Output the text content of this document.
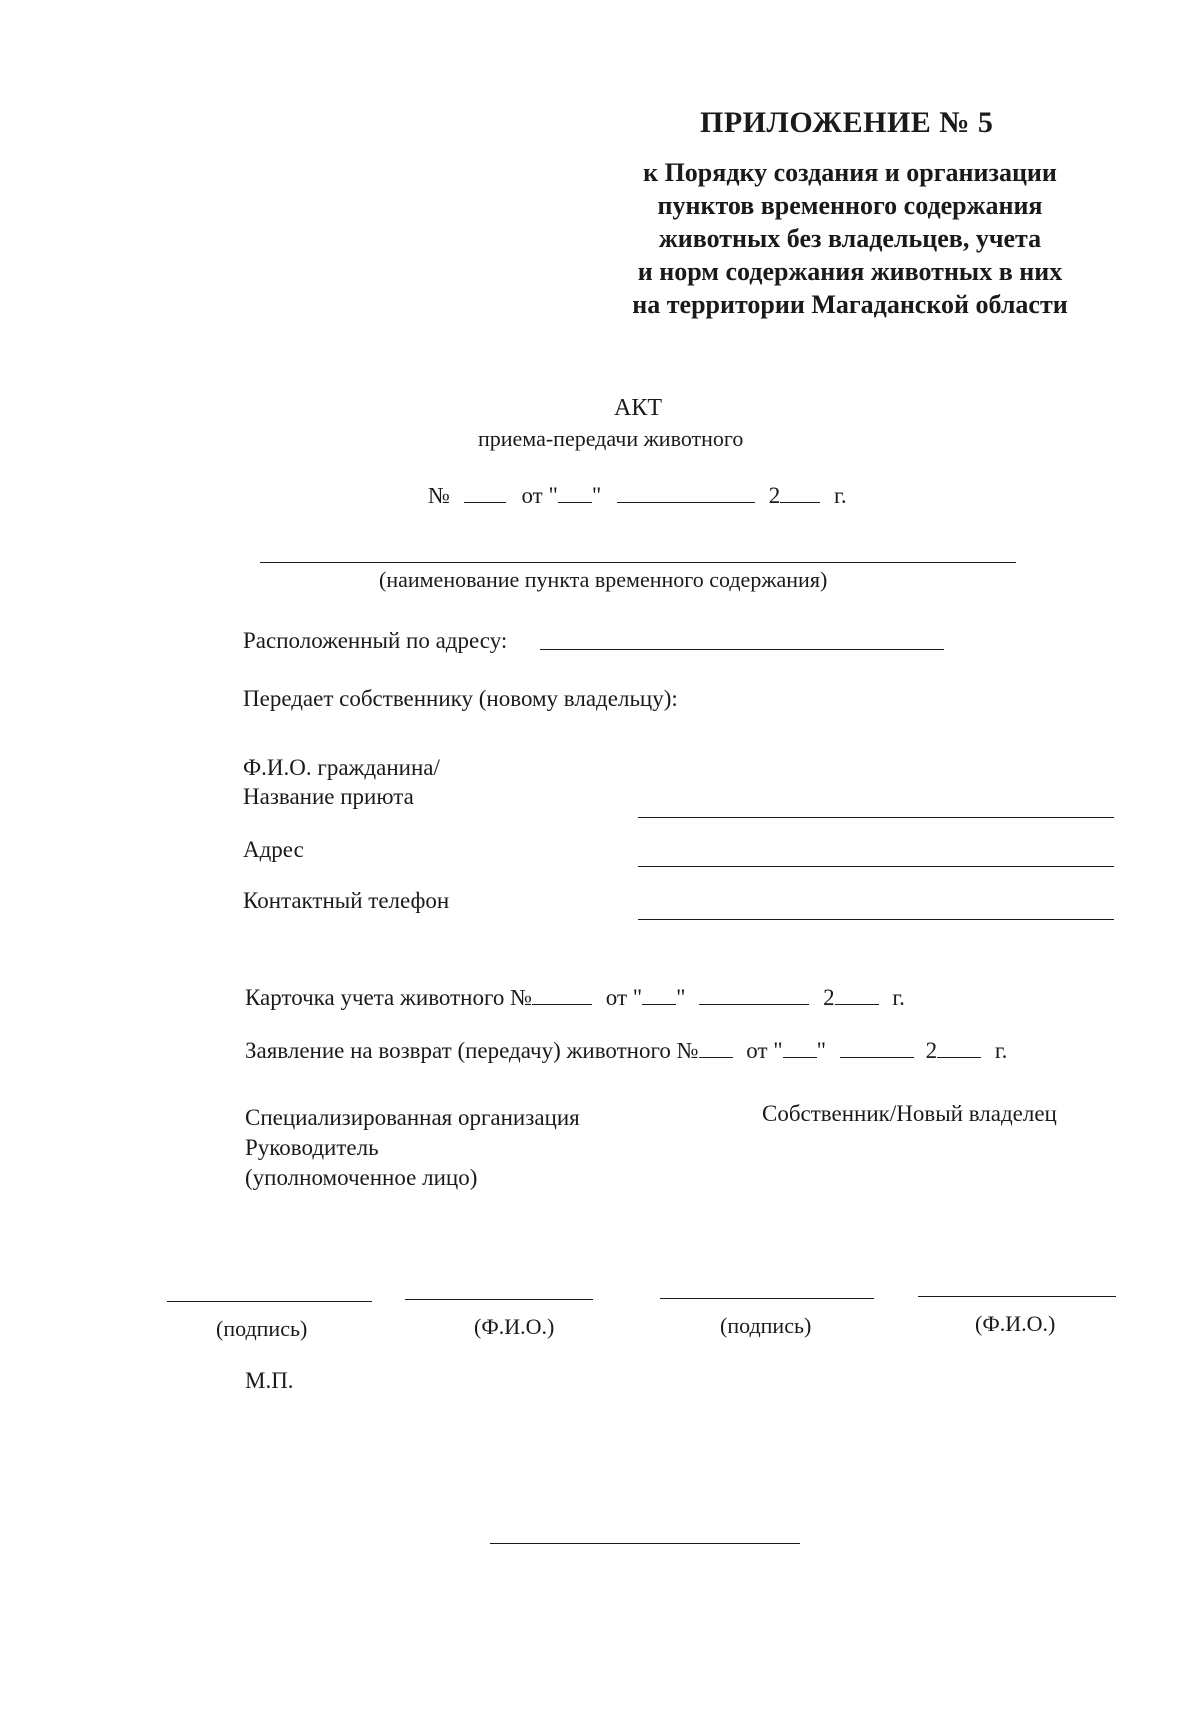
ПРИЛОЖЕНИЕ № 5
к Порядку создания и организации
пунктов временного содержания
животных без владельцев, учета
и норм содержания животных в них
на территории Магаданской области
АКТ
приема-передачи животного
№	от " "	2 г.
(наименование пункта временного содержания)
Расположенный по адресу:
Передает собственнику (новому владельцу):
Ф.И.О. гражданина/
Название приюта
Адрес
Контактный телефон
Карточка учета животного №	от " "	2	г.
Заявление на возврат (передачу) животного № от " "	2	г.
Специализированная организация
Руководитель
(уполномоченное лицо)
Собственник/Новый владелец
(подпись)	(Ф.И.О.)	(подпись)	(Ф.И.О.)
М.П.
